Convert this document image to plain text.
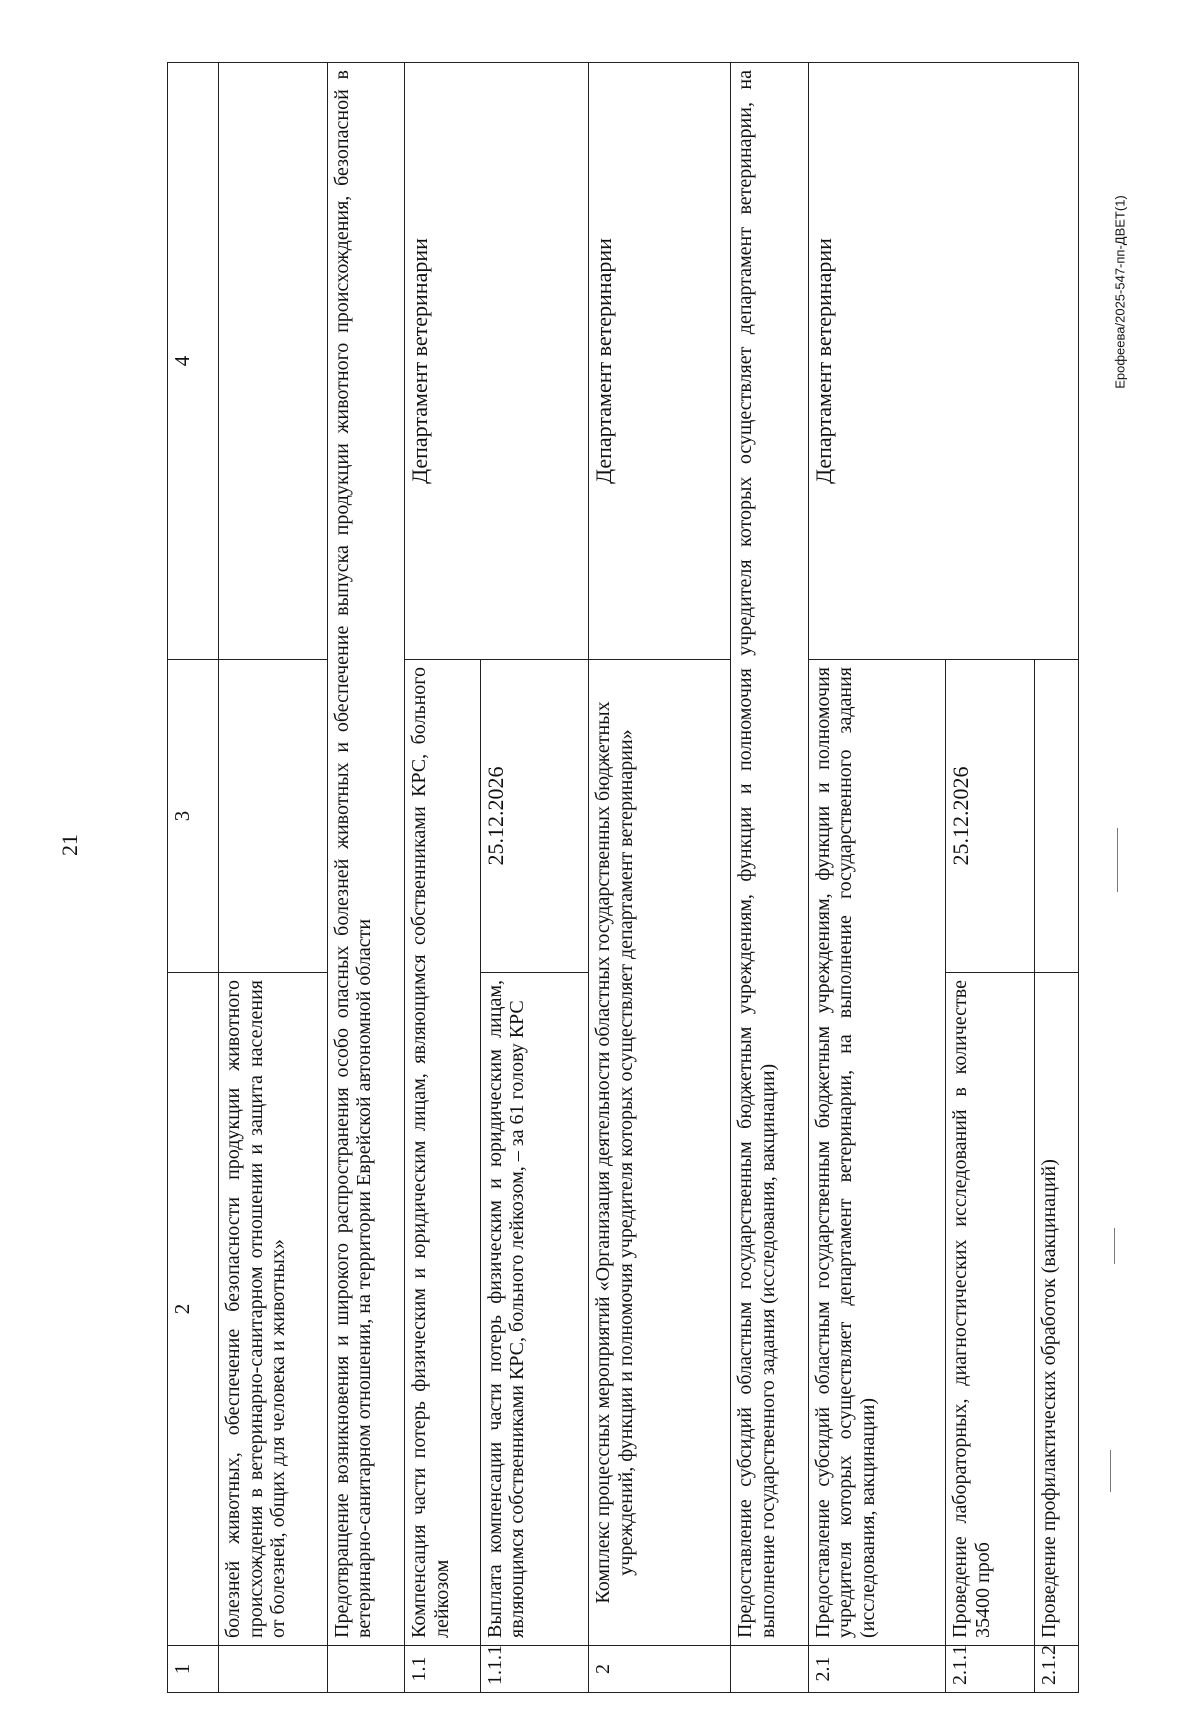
21
1	2	3	4
	болезней животных, обеспечение безопасности продукции животного происхождения в ветеринарно-санитарном отношении и защита населения от болезней, общих для человека и животных»		
	Предотвращение возникновения и широкого распространения особо опасных болезней животных и обеспечение выпуска продукции животного происхождения, безопасной в ветеринарно-санитарном отношении, на территории Еврейской автономной области		
1.1	Компенсация части потерь физическим и юридическим лицам, являющимся собственниками КРС, больного лейкозом		Департамент ветеринарии
1.1.1	Выплата компенсации части потерь физическим и юридическим лицам, являющимся собственниками КРС, больного лейкозом, – за 61 голову КРС	25.12.2026	
2	Комплекс процессных мероприятий «Организация деятельности областных государственных бюджетных учреждений, функции и полномочия учредителя которых осуществляет департамент ветеринарии»		Департамент ветеринарии
	Предоставление субсидий областным государственным бюджетным учреждениям, функции и полномочия учредителя которых осуществляет департамент ветеринарии, на выполнение государственного задания (исследования, вакцинации)		
2.1	Предоставление субсидий областным государственным бюджетным учреждениям, функции и полномочия учредителя которых осуществляет департамент ветеринарии, на выполнение государственного задания (исследования, вакцинации)		Департамент ветеринарии
2.1.1	Проведение лабораторных, диагностических исследований в количестве 35400 проб	25.12.2026	
2.1.2	Проведение профилактических обработок (вакцинаций)		
Ерофеева/2025-547-пп-ДВЕТ(1)
